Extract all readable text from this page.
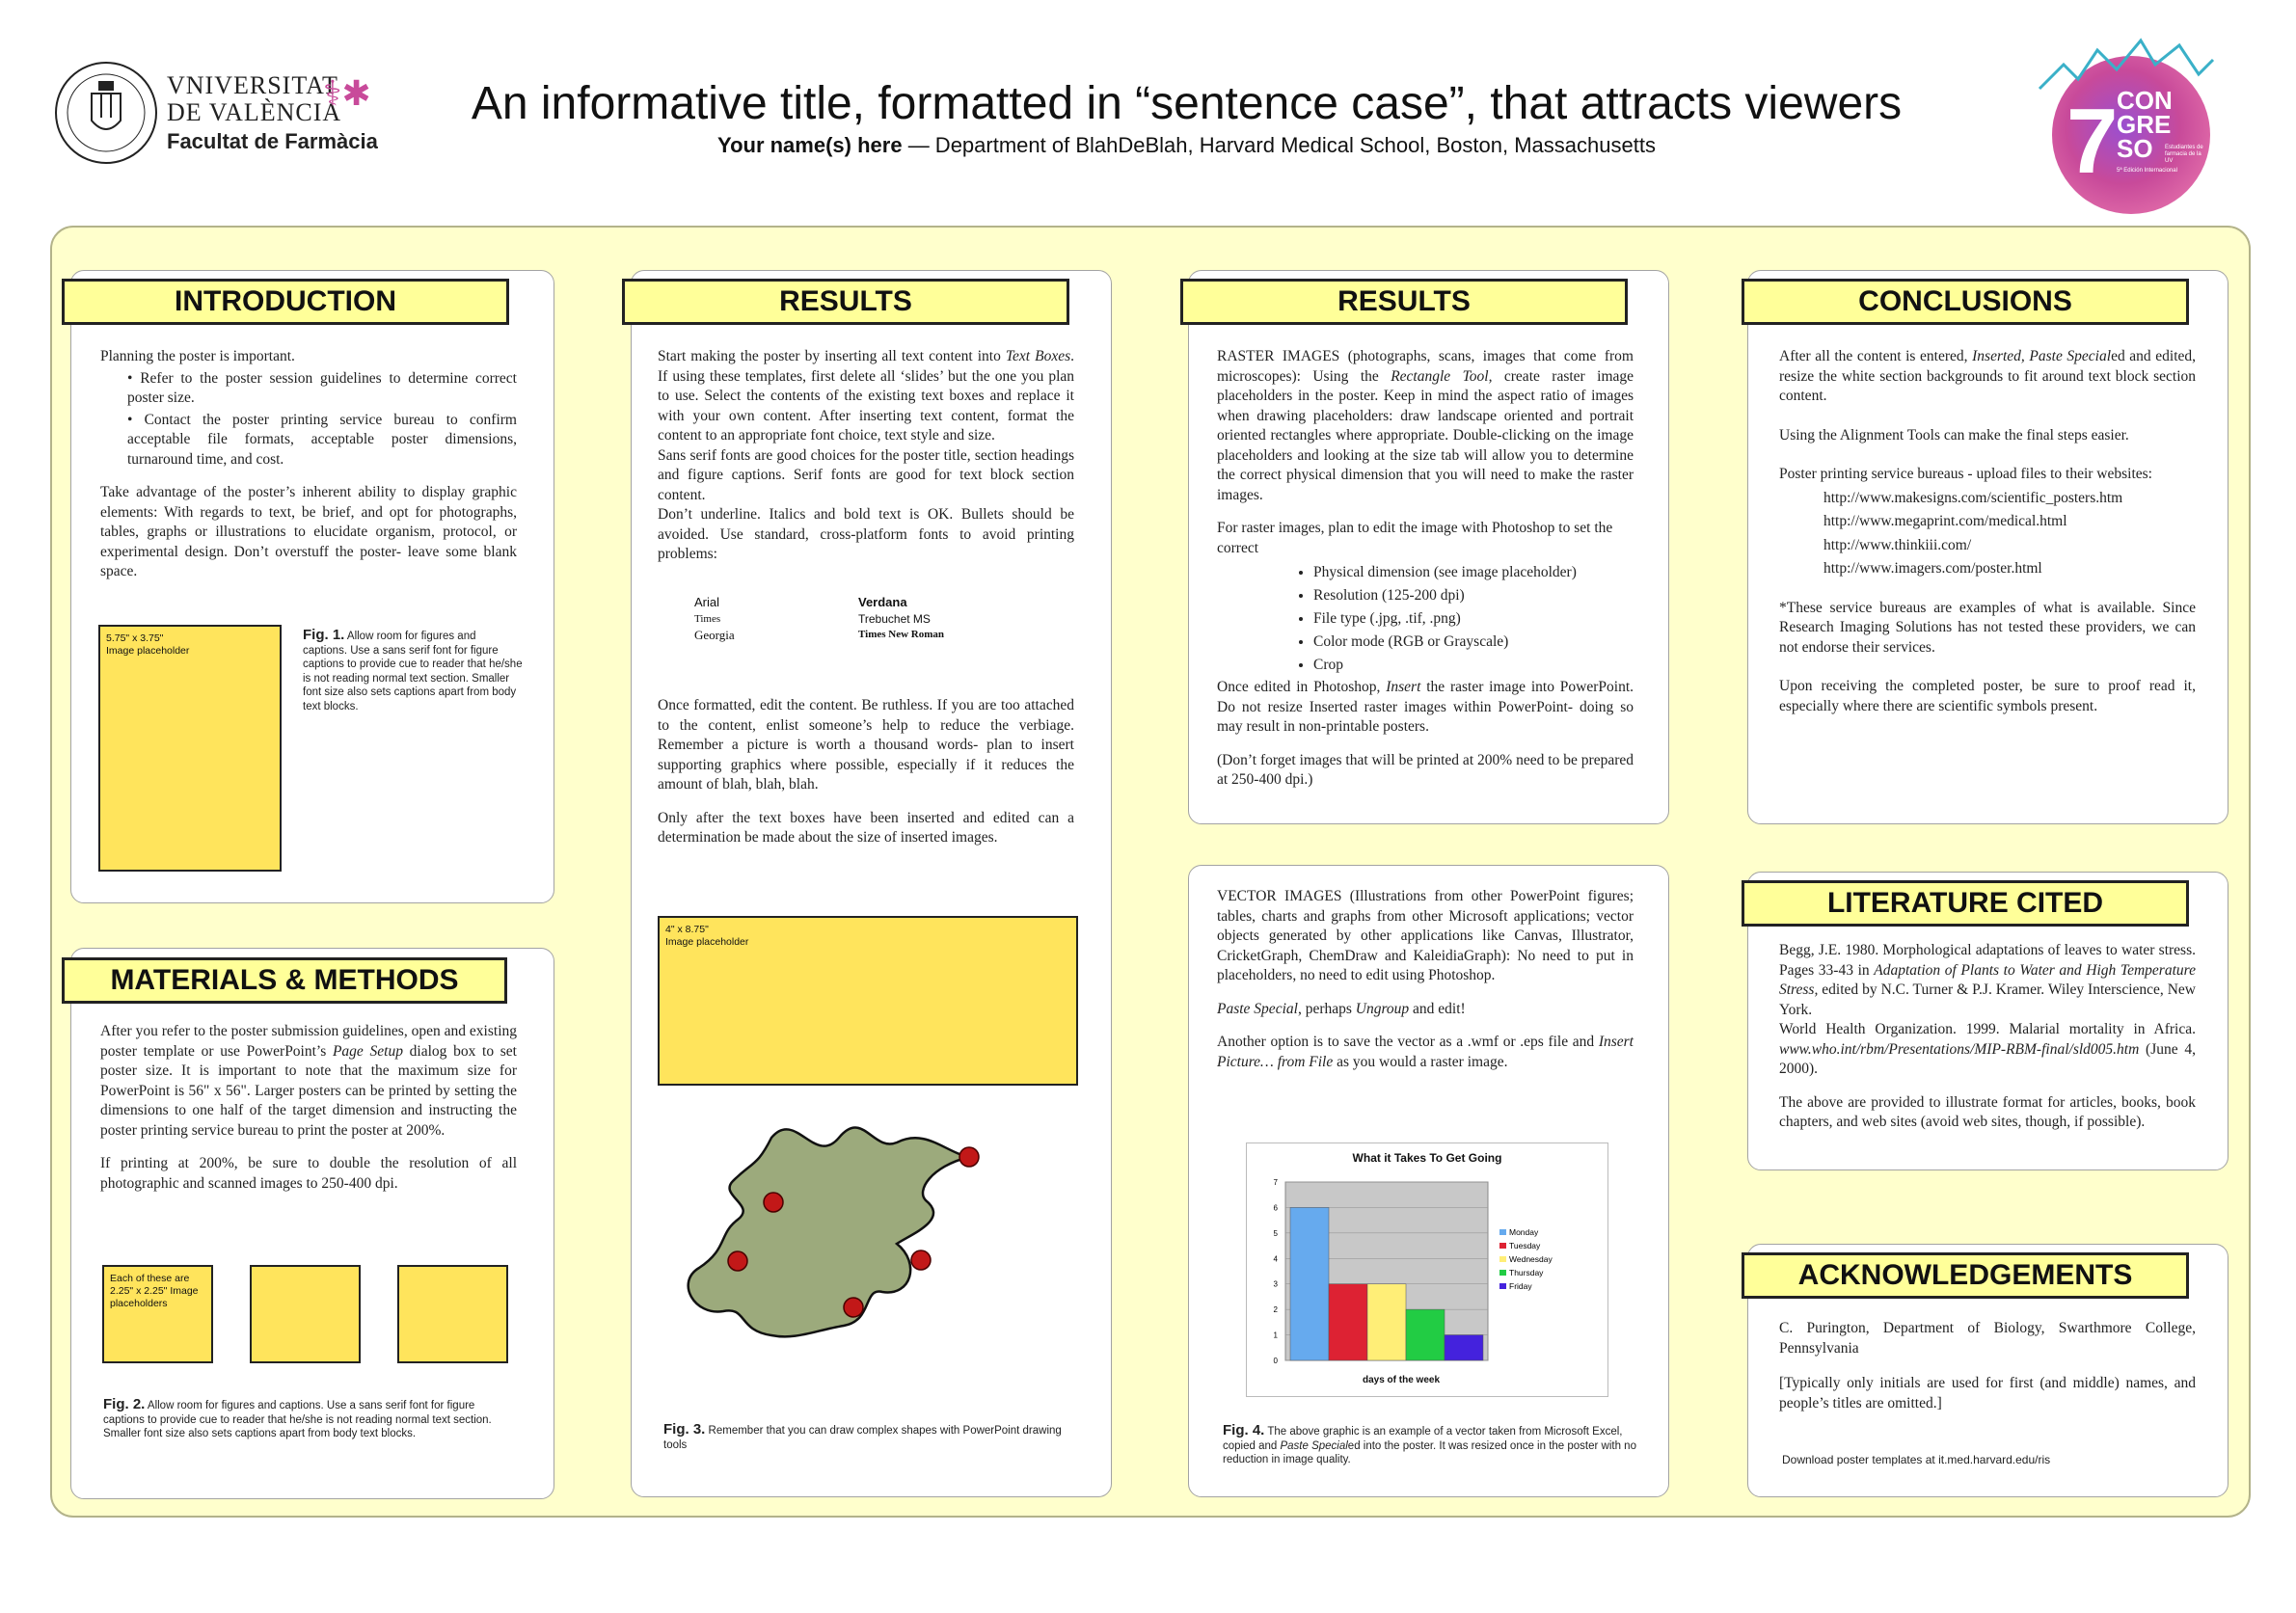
VNIVERSITAT
DE VALÈNCIA
⚕✱
Facultat de Farmàcia
An informative title, formatted in “sentence case”, that attracts viewers
Your name(s) here — Department of BlahDeBlah, Harvard Medical School, Boston, Massachusetts	7
CON
GRE
SO	Estudiantes de farmacia de la UV
5ª Edición Internacional
INTRODUCTION

Planning the poster is important.

• Refer to the poster session guidelines to determine correct poster size.
• Contact the poster printing service bureau to confirm acceptable file formats, acceptable poster dimensions, turnaround time, and cost.

Take advantage of the poster’s inherent ability to display graphic elements: With regards to text, be brief, and opt for photographs, tables, graphs or illustrations to elucidate organism, protocol, or experimental design. Don’t overstuff the poster- leave some blank space.

5.75" x 3.75"
Image placeholder
Fig. 1. Allow room for figures and captions. Use a sans serif font for figure captions to provide cue to reader that he/she is not reading normal text section. Smaller font size also sets captions apart from body text blocks.
MATERIALS & METHODS

After you refer to the poster submission guidelines, open and existing poster template or use PowerPoint’s Page Setup dialog box to set poster size. It is important to note that the maximum size for PowerPoint is 56" x 56". Larger posters can be printed by setting the dimensions to one half of the target dimension and instructing the poster printing service bureau to print the poster at 200%.

If printing at 200%, be sure to double the resolution of all photographic and scanned images to 250-400 dpi.

Each of these are 2.25" x 2.25" Image placeholders
Fig. 2. Allow room for figures and captions. Use a sans serif font for figure captions to provide cue to reader that he/she is not reading normal text section. Smaller font size also sets captions apart from body text blocks.
RESULTS

Start making the poster by inserting all text content into Text Boxes. If using these templates, first delete all ‘slides’ but the one you plan to use. Select the contents of the existing text boxes and replace it with your own content. After inserting text content, format the content to an appropriate font choice, text style and size.

Sans serif fonts are good choices for the poster title, section headings and figure captions. Serif fonts are good for text block section content.

Don’t underline. Italics and bold text is OK. Bullets should be avoided. Use standard, cross-platform fonts to avoid printing problems:

Arial	Verdana
Times	Trebuchet MS
Georgia	Times New Roman

Once formatted, edit the content. Be ruthless. If you are too attached to the content, enlist someone’s help to reduce the verbiage. Remember a picture is worth a thousand words- plan to insert supporting graphics where possible, especially if it reduces the amount of blah, blah, blah.

Only after the text boxes have been inserted and edited can a determination be made about the size of inserted images.

4" x 8.75"
Image placeholder
Fig. 3. Remember that you can draw complex shapes with PowerPoint drawing tools
RESULTS

RASTER IMAGES (photographs, scans, images that come from microscopes): Using the Rectangle Tool, create raster image placeholders in the poster. Keep in mind the aspect ratio of images when drawing placeholders: draw landscape oriented and portrait oriented rectangles where appropriate. Double-clicking on the image placeholders and looking at the size tab will allow you to determine the correct physical dimension that you will need to make the raster images.

For raster images, plan to edit the image with Photoshop to set the correct

• Physical dimension (see image placeholder)
• Resolution (125-200 dpi)
• File type (.jpg, .tif, .png)
• Color mode (RGB or Grayscale)
• Crop

Once edited in Photoshop, Insert the raster image into PowerPoint. Do not resize Inserted raster images within PowerPoint- doing so may result in non-printable posters.

(Don’t forget images that will be printed at 200% need to be prepared at 250-400 dpi.)

VECTOR IMAGES (Illustrations from other PowerPoint figures; tables, charts and graphs from other Microsoft applications; vector objects generated by other applications like Canvas, Illustrator, CricketGraph, ChemDraw and KaleidiaGraph): No need to put in placeholders, no need to edit using Photoshop.

Paste Special, perhaps Ungroup and edit!

Another option is to save the vector as a .wmf or .eps file and Insert Picture… from File as you would a raster image.

What it Takes To Get Going
0
1
2
3
4
5
6
7
Monday
Tuesday
Wednesday
Thursday
Friday
days of the week
Fig. 4. The above graphic is an example of a vector taken from Microsoft Excel, copied and Paste Specialed into the poster. It was resized once in the poster with no reduction in image quality.
CONCLUSIONS

After all the content is entered, Inserted, Paste Specialed and edited, resize the white section backgrounds to fit around text block section content.

Using the Alignment Tools can make the final steps easier.

Poster printing service bureaus - upload files to their websites:

http://www.makesigns.com/scientific_posters.htm
http://www.megaprint.com/medical.html
http://www.thinkiii.com/
http://www.imagers.com/poster.html

*These service bureaus are examples of what is available. Since Research Imaging Solutions has not tested these providers, we can not endorse their services.

Upon receiving the completed poster, be sure to proof read it, especially where there are scientific symbols present.

LITERATURE CITED

Begg, J.E. 1980. Morphological adaptations of leaves to water stress. Pages 33-43 in Adaptation of Plants to Water and High Temperature Stress, edited by N.C. Turner & P.J. Kramer. Wiley Interscience, New York.

World Health Organization. 1999. Malarial mortality in Africa. www.who.int/rbm/Presentations/MIP-RBM-final/sld005.htm (June 4, 2000).

The above are provided to illustrate format for articles, books, book chapters, and web sites (avoid web sites, though, if possible).

ACKNOWLEDGEMENTS

C. Purington, Department of Biology, Swarthmore College, Pennsylvania

[Typically only initials are used for first (and middle) names, and people’s titles are omitted.]

Download poster templates at it.med.harvard.edu/ris
